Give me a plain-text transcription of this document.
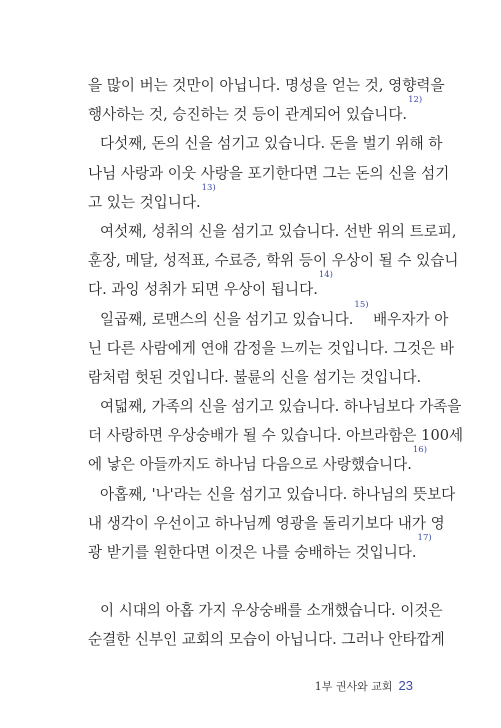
을 많이 버는 것만이 아닙니다. 명성을 얻는 것, 영향력을
행사하는 것, 승진하는 것 등이 관계되어 있습니다.
12)
다섯째, 돈의 신을 섬기고 있습니다. 돈을 벌기 위해 하
나님 사랑과 이웃 사랑을 포기한다면 그는 돈의 신을 섬기
고 있는 것입니다.
13)
여섯째, 성취의 신을 섬기고 있습니다. 선반 위의 트로피,
훈장, 메달, 성적표, 수료증, 학위 등이 우상이 될 수 있습니
다. 과잉 성취가 되면 우상이 됩니다.
14)
일곱째, 로맨스의 신을 섬기고 있습니다.
15)
배우자가 아
닌 다른 사람에게 연애 감정을 느끼는 것입니다. 그것은 바
람처럼 헛된 것입니다. 불륜의 신을 섬기는 것입니다.
여덟째, 가족의 신을 섬기고 있습니다. 하나님보다 가족을
더 사랑하면 우상숭배가 될 수 있습니다. 아브라함은 100세
에 낳은 아들까지도 하나님 다음으로 사랑했습니다.
16)
아홉째, '나'라는 신을 섬기고 있습니다. 하나님의 뜻보다
내 생각이 우선이고 하나님께 영광을 돌리기보다 내가 영
광 받기를 원한다면 이것은 나를 숭배하는 것입니다.
17)
이 시대의 아홉 가지 우상숭배를 소개했습니다. 이것은
순결한 신부인 교회의 모습이 아닙니다. 그러나 안타깝게
1부 권사와 교회 23
